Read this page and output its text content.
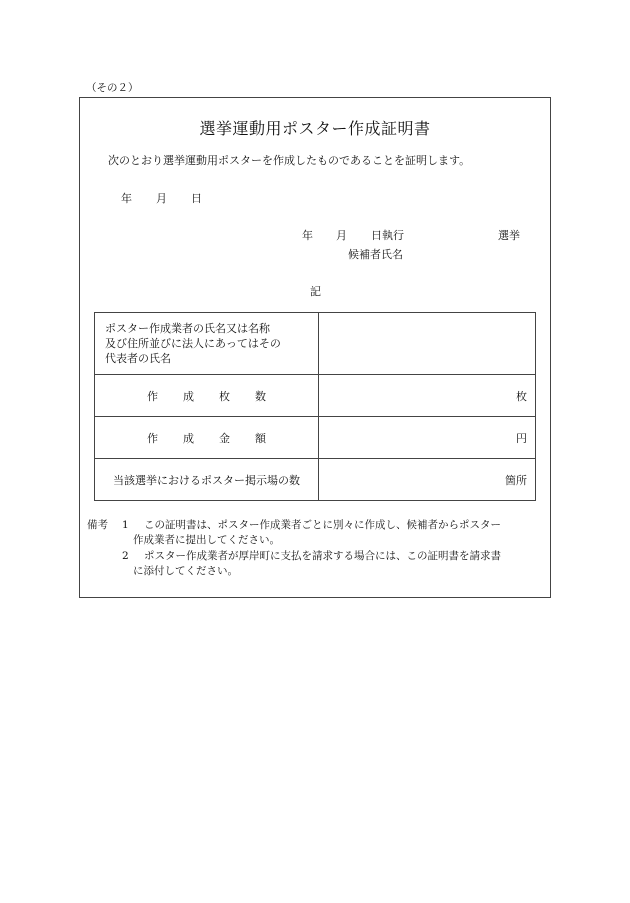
（その２）
選挙運動用ポスター作成証明書
次のとおり選挙運動用ポスターを作成したものであることを証明します。
年 月 日
年 月 日執行	選挙
候補者氏名
記
ポスター作成業者の氏名又は名称
及び住所並びに法人にあってはその
代表者の氏名	

作 成 枚 数	枚
作 成 金 額	円
当該選挙におけるポスター掲示場の数	箇所
備考 1 この証明書は、ポスター作成業者ごとに別々に作成し、候補者からポスター
作成業者に提出してください。
2 ポスター作成業者が厚岸町に支払を請求する場合には、この証明書を請求書
に添付してください。
